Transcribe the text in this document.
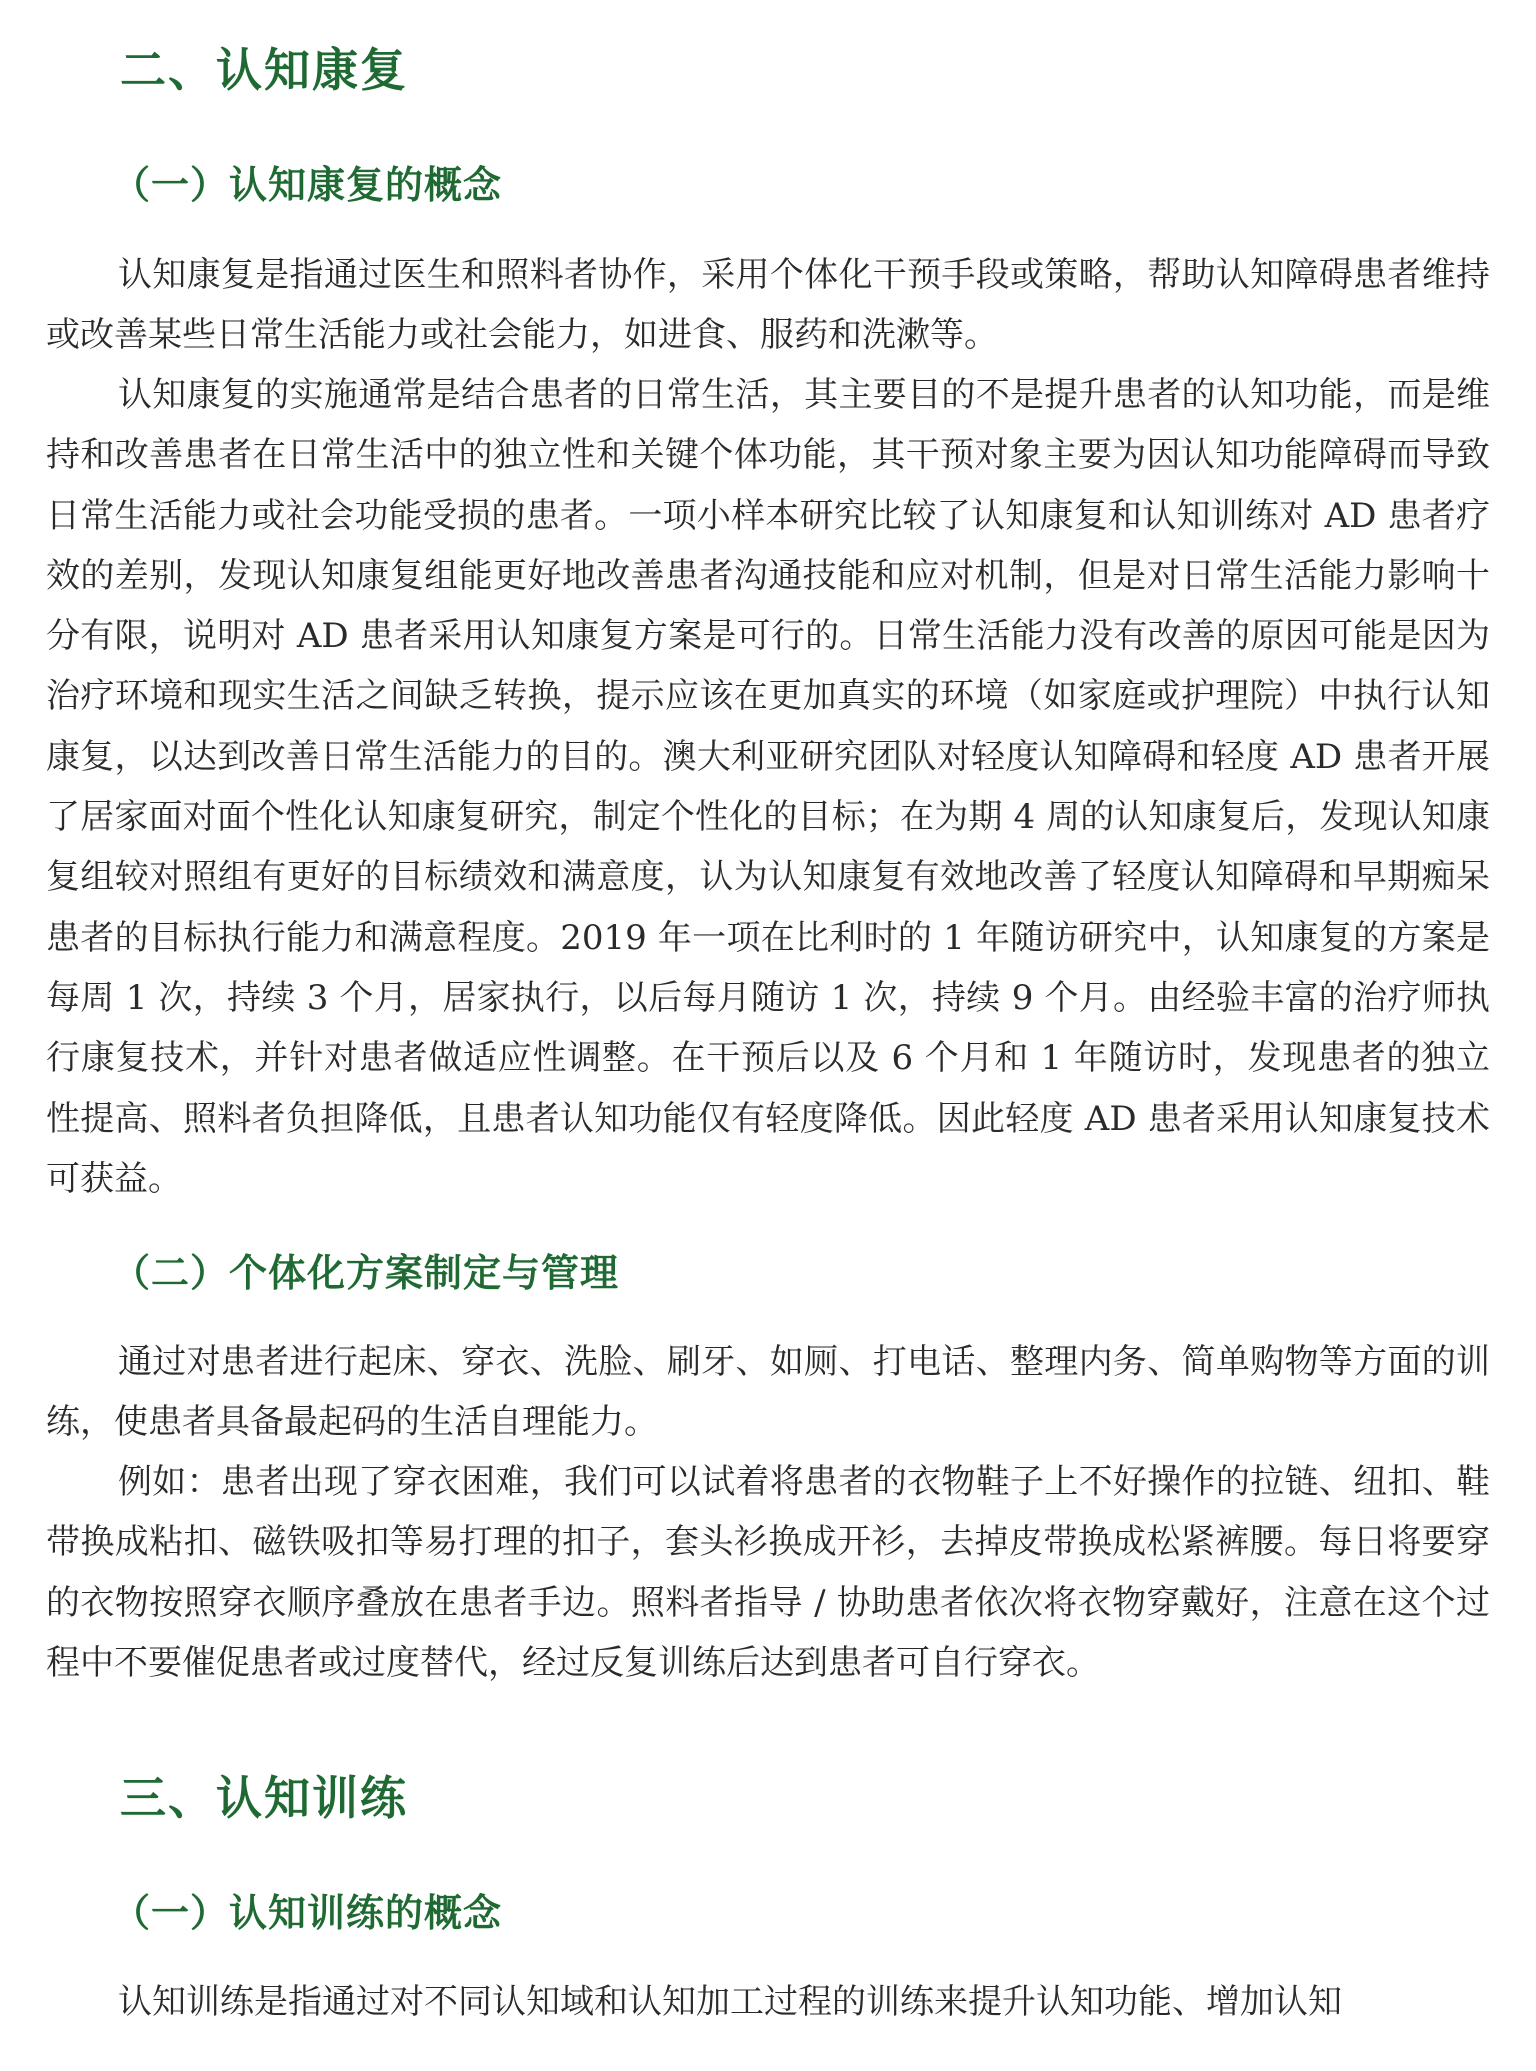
二、认知康复
（一）认知康复的概念

认知康复是指通过医生和照料者协作，采用个体化干预手段或策略，帮助认知障碍患者维持或改善某些日常生活能力或社会能力，如进食、服药和洗漱等。

认知康复的实施通常是结合患者的日常生活，其主要目的不是提升患者的认知功能，而是维持和改善患者在日常生活中的独立性和关键个体功能，其干预对象主要为因认知功能障碍而导致日常生活能力或社会功能受损的患者。一项小样本研究比较了认知康复和认知训练对 AD 患者疗效的差别，发现认知康复组能更好地改善患者沟通技能和应对机制，但是对日常生活能力影响十分有限，说明对 AD 患者采用认知康复方案是可行的。日常生活能力没有改善的原因可能是因为治疗环境和现实生活之间缺乏转换，提示应该在更加真实的环境（如家庭或护理院）中执行认知康复，以达到改善日常生活能力的目的。澳大利亚研究团队对轻度认知障碍和轻度 AD 患者开展了居家面对面个性化认知康复研究，制定个性化的目标；在为期 4 周的认知康复后，发现认知康复组较对照组有更好的目标绩效和满意度，认为认知康复有效地改善了轻度认知障碍和早期痴呆患者的目标执行能力和满意程度。2019 年一项在比利时的 1 年随访研究中，认知康复的方案是每周 1 次，持续 3 个月，居家执行，以后每月随访 1 次，持续 9 个月。由经验丰富的治疗师执行康复技术，并针对患者做适应性调整。在干预后以及 6 个月和 1 年随访时，发现患者的独立性提高、照料者负担降低，且患者认知功能仅有轻度降低。因此轻度 AD 患者采用认知康复技术可获益。

（二）个体化方案制定与管理

通过对患者进行起床、穿衣、洗脸、刷牙、如厕、打电话、整理内务、简单购物等方面的训练，使患者具备最起码的生活自理能力。

例如：患者出现了穿衣困难，我们可以试着将患者的衣物鞋子上不好操作的拉链、纽扣、鞋带换成粘扣、磁铁吸扣等易打理的扣子，套头衫换成开衫，去掉皮带换成松紧裤腰。每日将要穿的衣物按照穿衣顺序叠放在患者手边。照料者指导 / 协助患者依次将衣物穿戴好，注意在这个过程中不要催促患者或过度替代，经过反复训练后达到患者可自行穿衣。

三、认知训练
（一）认知训练的概念

认知训练是指通过对不同认知域和认知加工过程的训练来提升认知功能、增加认知
